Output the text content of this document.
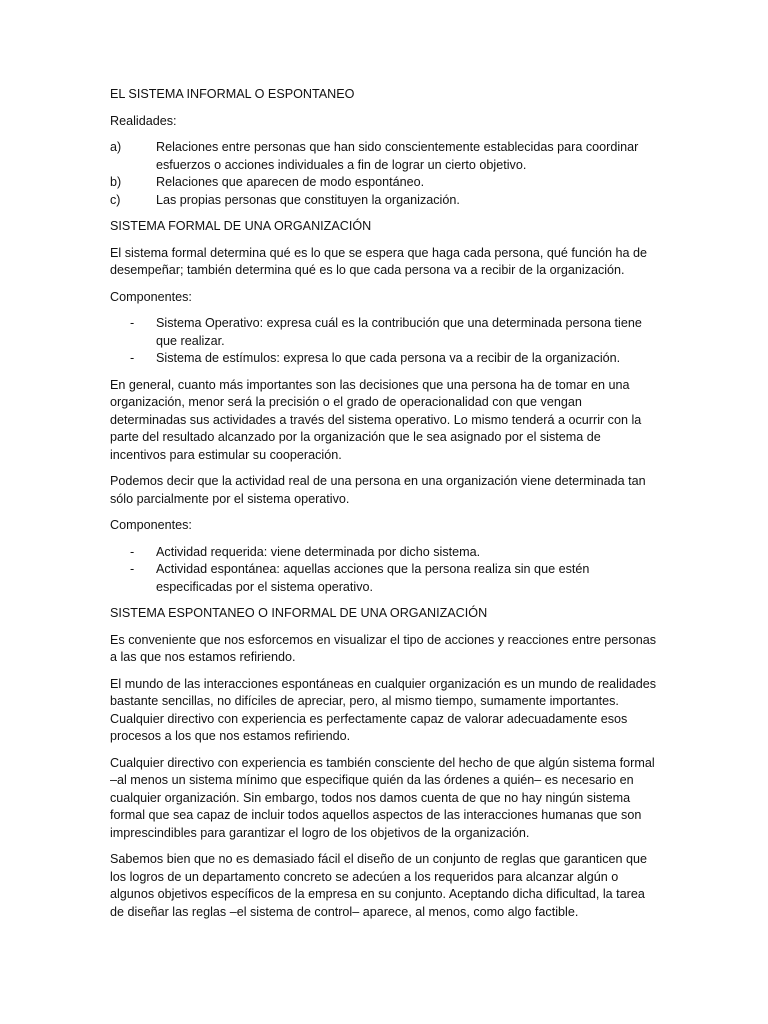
EL SISTEMA INFORMAL O ESPONTANEO

Realidades:

a)	Relaciones entre personas que han sido conscientemente establecidas para coordinar esfuerzos o acciones individuales a fin de lograr un cierto objetivo.
b)	Relaciones que aparecen de modo espontáneo.
c)	Las propias personas que constituyen la organización.

SISTEMA FORMAL DE UNA ORGANIZACIÓN

El sistema formal determina qué es lo que se espera que haga cada persona, qué función ha de desempeñar; también determina qué es lo que cada persona va a recibir de la organización.

Componentes:

-	Sistema Operativo: expresa cuál es la contribución que una determinada persona tiene que realizar.
-	Sistema de estímulos: expresa lo que cada persona va a recibir de la organización.

En general, cuanto más importantes son las decisiones que una persona ha de tomar en una organización, menor será la precisión o el grado de operacionalidad con que vengan determinadas sus actividades a través del sistema operativo. Lo mismo tenderá a ocurrir con la parte del resultado alcanzado por la organización que le sea asignado por el sistema de incentivos para estimular su cooperación.

Podemos decir que la actividad real de una persona en una organización viene determinada tan sólo parcialmente por el sistema operativo.

Componentes:

-	Actividad requerida: viene determinada por dicho sistema.
-	Actividad espontánea: aquellas acciones que la persona realiza sin que estén especificadas por el sistema operativo.

SISTEMA ESPONTANEO O INFORMAL DE UNA ORGANIZACIÓN

Es conveniente que nos esforcemos en visualizar el tipo de acciones y reacciones entre personas a las que nos estamos refiriendo.

El mundo de las interacciones espontáneas en cualquier organización es un mundo de realidades bastante sencillas, no difíciles de apreciar, pero, al mismo tiempo, sumamente importantes. Cualquier directivo con experiencia es perfectamente capaz de valorar adecuadamente esos procesos a los que nos estamos refiriendo.

Cualquier directivo con experiencia es también consciente del hecho de que algún sistema formal –al menos un sistema mínimo que especifique quién da las órdenes a quién– es necesario en cualquier organización. Sin embargo, todos nos damos cuenta de que no hay ningún sistema formal que sea capaz de incluir todos aquellos aspectos de las interacciones humanas que son imprescindibles para garantizar el logro de los objetivos de la organización.

Sabemos bien que no es demasiado fácil el diseño de un conjunto de reglas que garanticen que los logros de un departamento concreto se adecúen a los requeridos para alcanzar algún o algunos objetivos específicos de la empresa en su conjunto. Aceptando dicha dificultad, la tarea de diseñar las reglas –el sistema de control– aparece, al menos, como algo factible.
